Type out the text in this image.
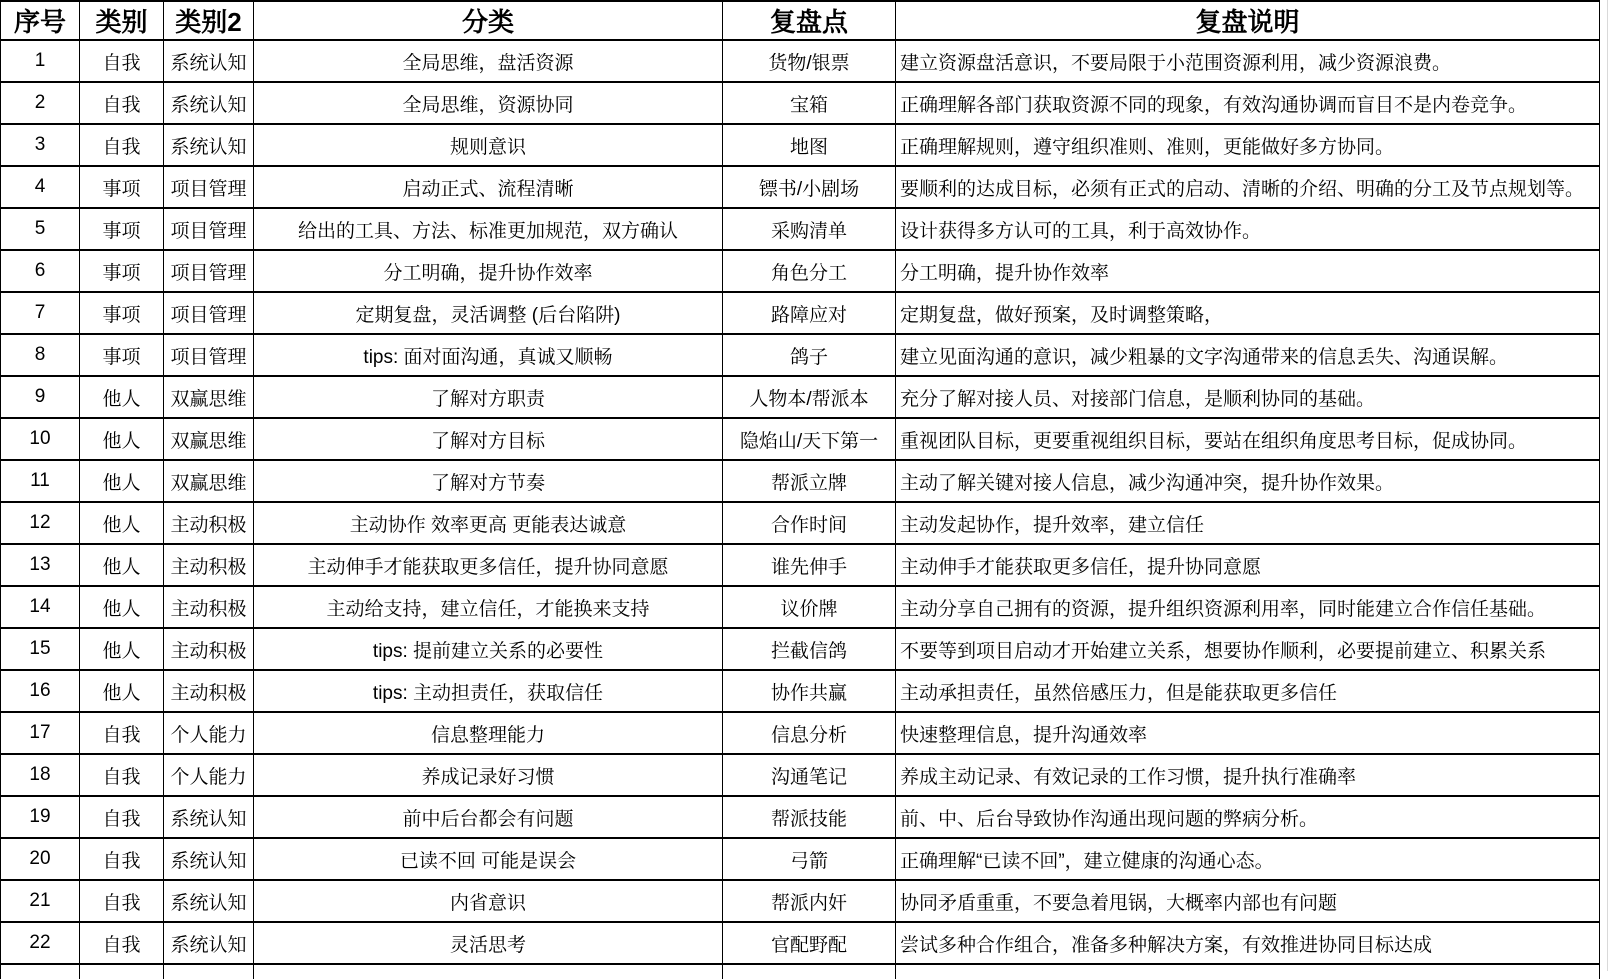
序号	类别	类别2	分类	复盘点	复盘说明
1	自我	系统认知	全局思维，盘活资源	货物/银票	建立资源盘活意识，不要局限于小范围资源利用，减少资源浪费。
2	自我	系统认知	全局思维，资源协同	宝箱	正确理解各部门获取资源不同的现象，有效沟通协调而盲目不是内卷竞争。
3	自我	系统认知	规则意识	地图	正确理解规则，遵守组织准则、准则，更能做好多方协同。
4	事项	项目管理	启动正式、流程清晰	镖书/小剧场	要顺利的达成目标，必须有正式的启动、清晰的介绍、明确的分工及节点规划等。
5	事项	项目管理	给出的工具、方法、标准更加规范，双方确认	采购清单	设计获得多方认可的工具，利于高效协作。
6	事项	项目管理	分工明确，提升协作效率	角色分工	分工明确，提升协作效率
7	事项	项目管理	定期复盘，灵活调整 (后台陷阱)	路障应对	定期复盘，做好预案，及时调整策略，
8	事项	项目管理	tips: 面对面沟通，真诚又顺畅	鸽子	建立见面沟通的意识，减少粗暴的文字沟通带来的信息丢失、沟通误解。
9	他人	双赢思维	了解对方职责	人物本/帮派本	充分了解对接人员、对接部门信息，是顺利协同的基础。
10	他人	双赢思维	了解对方目标	隐焰山/天下第一	重视团队目标，更要重视组织目标，要站在组织角度思考目标，促成协同。
11	他人	双赢思维	了解对方节奏	帮派立牌	主动了解关键对接人信息，减少沟通冲突，提升协作效果。
12	他人	主动积极	主动协作 效率更高 更能表达诚意	合作时间	主动发起协作，提升效率，建立信任
13	他人	主动积极	主动伸手才能获取更多信任，提升协同意愿	谁先伸手	主动伸手才能获取更多信任，提升协同意愿
14	他人	主动积极	主动给支持，建立信任，才能换来支持	议价牌	主动分享自己拥有的资源，提升组织资源利用率，同时能建立合作信任基础。
15	他人	主动积极	tips: 提前建立关系的必要性	拦截信鸽	不要等到项目启动才开始建立关系，想要协作顺利，必要提前建立、积累关系
16	他人	主动积极	tips: 主动担责任，获取信任	协作共赢	主动承担责任，虽然倍感压力，但是能获取更多信任
17	自我	个人能力	信息整理能力	信息分析	快速整理信息，提升沟通效率
18	自我	个人能力	养成记录好习惯	沟通笔记	养成主动记录、有效记录的工作习惯，提升执行准确率
19	自我	系统认知	前中后台都会有问题	帮派技能	前、中、后台导致协作沟通出现问题的弊病分析。
20	自我	系统认知	已读不回 可能是误会	弓箭	正确理解“已读不回”，建立健康的沟通心态。
21	自我	系统认知	内省意识	帮派内奸	协同矛盾重重，不要急着甩锅，大概率内部也有问题
22	自我	系统认知	灵活思考	官配野配	尝试多种合作组合，准备多种解决方案，有效推进协同目标达成
